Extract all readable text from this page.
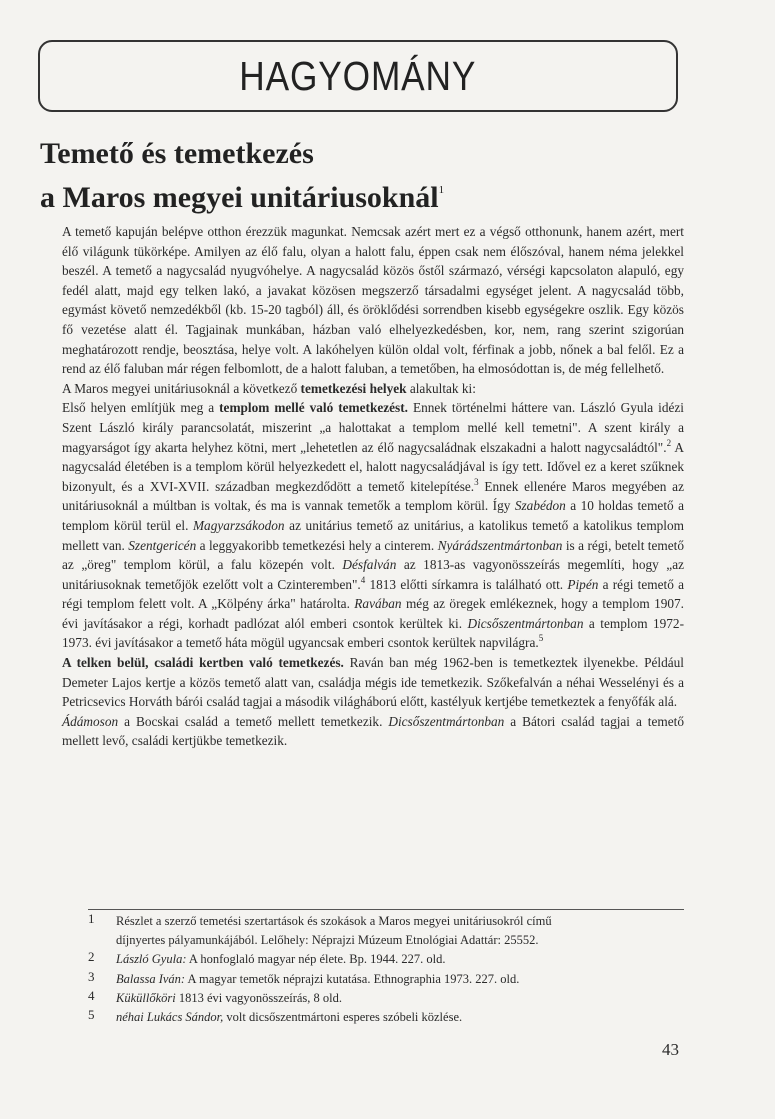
HAGYOMÁNY
Temető és temetkezés
a Maros megyei unitáriusoknál$^1$

A temető kapuján belépve otthon érezzük magunkat. Nemcsak azért mert ez a végső otthonunk, hanem azért, mert élő világunk tükörképe. Amilyen az élő falu, olyan a halott falu, éppen csak nem élőszóval, hanem néma jelekkel beszél. A temető a nagycsalád nyugvóhelye. A nagycsalád közös őstől származó, vérségi kapcsolaton alapuló, egy fedél alatt, majd egy telken lakó, a javakat közösen megszerző társadalmi egységet jelent. A nagycsalád több, egymást követő nemzedékből (kb. 15-20 tagból) áll, és öröklődési sorrendben kisebb egységekre oszlik. Egy közös fő vezetése alatt él. Tagjainak munkában, házban való elhelyezkedésben, kor, nem, rang szerint szigorúan meghatározott rendje, beosztása, helye volt. A lakóhelyen külön oldal volt, férfinak a jobb, nőnek a bal felől. Ez a rend az élő faluban már régen felbomlott, de a halott faluban, a temetőben, ha elmosódottan is, de még fellelhető.

A Maros megyei unitáriusoknál a következő temetkezési helyek alakultak ki:

Első helyen említjük meg a templom mellé való temetkezést. Ennek történelmi háttere van. László Gyula idézi Szent László király parancsolatát, miszerint „a halottakat a templom mellé kell temetni". A szent király a magyarságot így akarta helyhez kötni, mert „lehetetlen az élő nagycsaládnak elszakadni a halott nagycsaládtól".$^2$ A nagycsalád életében is a templom körül helyezkedett el, halott nagycsaládjával is így tett. Idővel ez a keret szűknek bizonyult, és a XVI-XVII. században megkezdődött a temető kitelepítése.$^3$ Ennek ellenére Maros megyében az unitáriusoknál a múltban is voltak, és ma is vannak temetők a templom körül. Így Szabédon a 10 holdas temető a templom körül terül el. Magyarzsákodon az unitárius temető az unitárius, a katolikus temető a katolikus templom mellett van. Szentgericén a leggyakoribb temetkezési hely a cinterem. Nyárádszentmártonban is a régi, betelt temető az „öreg" templom körül, a falu közepén volt. Désfalván az 1813-as vagyonösszeírás megemlíti, hogy „az unitáriusoknak temetőjök ezelőtt volt a Czinteremben".$^4$ 1813 előtti sírkamra is található ott. Pipén a régi temető a régi templom felett volt. A „Kölpény árka" határolta. Ravában még az öregek emlékeznek, hogy a templom 1907. évi javításakor a régi, korhadt padlózat alól emberi csontok kerültek ki. Dicsőszentmártonban a templom 1972-1973. évi javításakor a temető háta mögül ugyancsak emberi csontok kerültek napvilágra.$^5$

A telken belül, családi kertben való temetkezés. Raván ban még 1962-ben is temetkeztek ilyenekbe. Például Demeter Lajos kertje a közös temető alatt van, családja mégis ide temetkezik. Szőkefalván a néhai Wesselényi és a Petricsevics Horváth bárói család tagjai a második világháború előtt, kastélyuk kertjébe temetkeztek a fenyőfák alá.

Ádámoson a Bocskai család a temető mellett temetkezik. Dicsőszentmártonban a Bátori család tagjai a temető mellett levő, családi kertjükbe temetkezik.

1 Részlet a szerző temetési szertartások és szokások a Maros megyei unitáriusokról című
díjnyertes pályamunkájából. Lelőhely: Néprajzi Múzeum Etnológiai Adattár: 25552.
2 László Gyula: A honfoglaló magyar nép élete. Bp. 1944. 227. old.
3 Balassa Iván: A magyar temetők néprajzi kutatása. Ethnographia 1973. 227. old.
4 Küküllőköri 1813 évi vagyonösszeírás, 8 old.
5 néhai Lukács Sándor, volt dicsőszentmártoni esperes szóbeli közlése.
43
